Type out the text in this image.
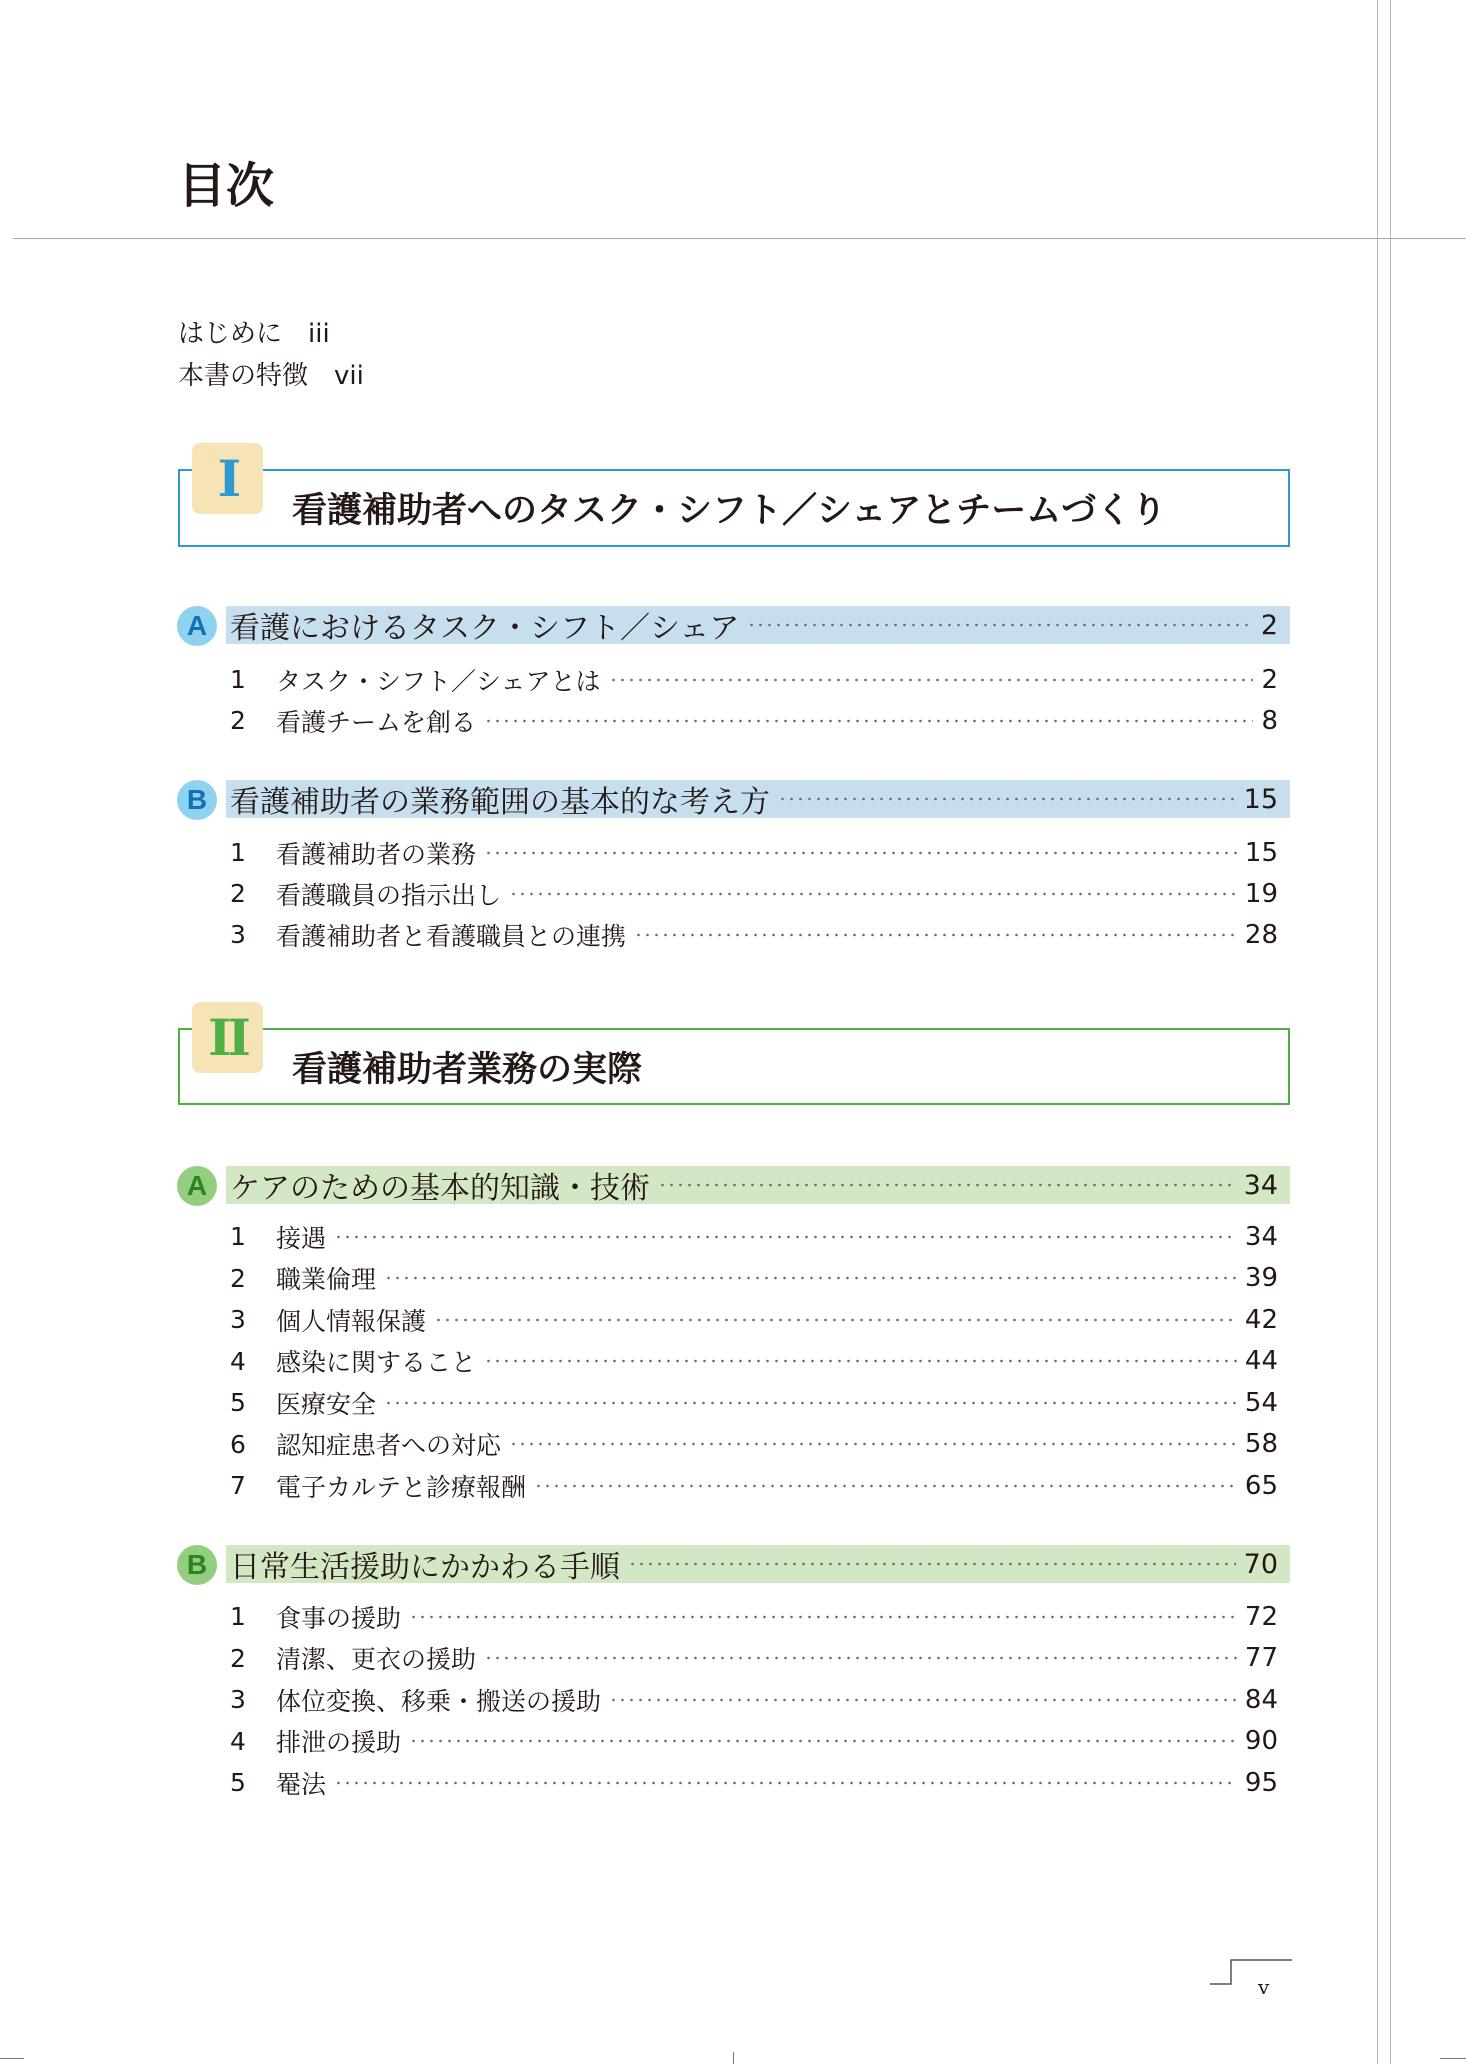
目次
はじめに iii
本書の特徴 vii
I
看護補助者へのタスク・シフト／シェアとチームづくり
A 看護におけるタスク・シフト／シェア	2
1	タスク・シフト／シェアとは	2
2	看護チームを創る	8
B 看護補助者の業務範囲の基本的な考え方	15
1	看護補助者の業務	15
2	看護職員の指示出し	19
3	看護補助者と看護職員との連携	28
II
看護補助者業務の実際
A ケアのための基本的知識・技術	34
1	接遇	34
2	職業倫理	39
3	個人情報保護	42
4	感染に関すること	44
5	医療安全	54
6	認知症患者への対応	58
7	電子カルテと診療報酬	65
B 日常生活援助にかかわる手順	70
1	食事の援助	72
2	清潔、更衣の援助	77
3	体位変換、移乗・搬送の援助	84
4	排泄の援助	90
5	罨法	95
v
